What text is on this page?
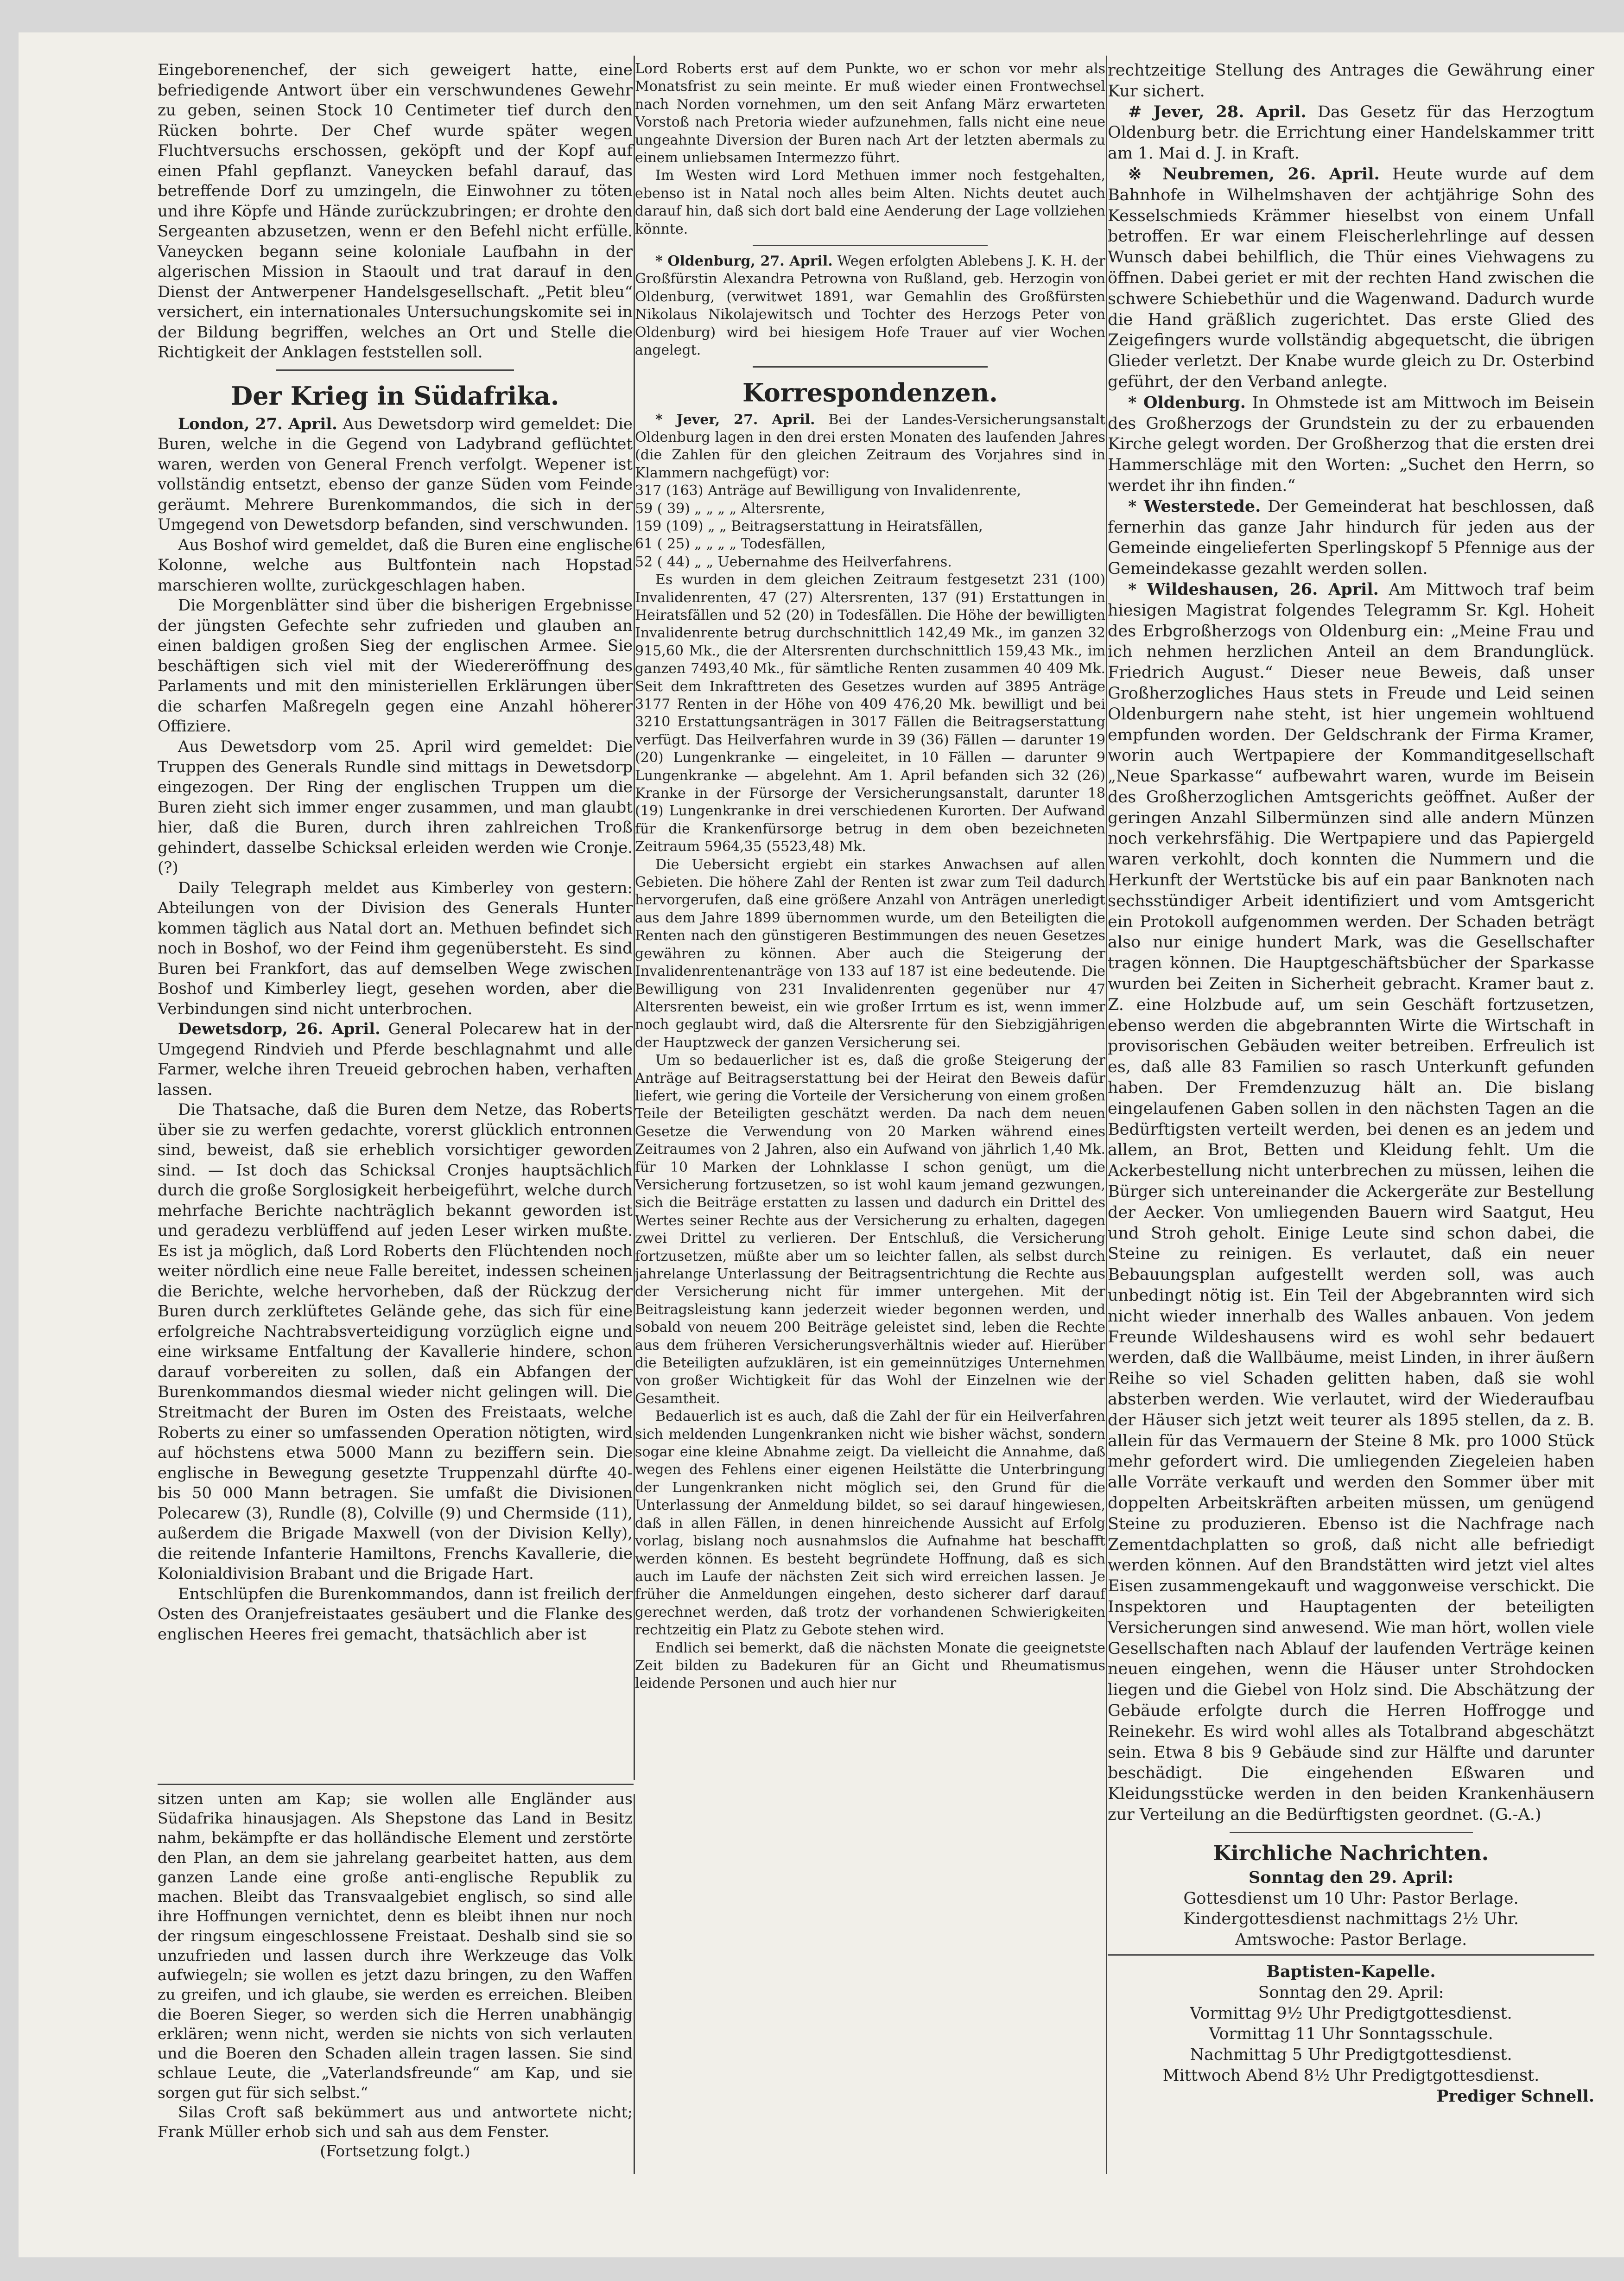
Eingeborenenchef, der sich geweigert hatte, eine befriedigende Antwort über ein verschwundenes Gewehr zu geben, seinen Stock 10 Centimeter tief durch den Rücken bohrte. Der Chef wurde später wegen Fluchtversuchs erschossen, geköpft und der Kopf auf einen Pfahl gepflanzt. Vaneycken befahl darauf, das betreffende Dorf zu umzingeln, die Einwohner zu töten und ihre Köpfe und Hände zurückzubringen; er drohte den Sergeanten abzusetzen, wenn er den Befehl nicht erfülle. Vaneycken begann seine koloniale Laufbahn in der algerischen Mission in Staoult und trat darauf in den Dienst der Antwerpener Handelsgesellschaft. „Petit bleu“ versichert, ein internationales Untersuchungskomite sei in der Bildung begriffen, welches an Ort und Stelle die Richtigkeit der Anklagen feststellen soll.

Der Krieg in Südafrika.

London, 27. April. Aus Dewetsdorp wird gemeldet: Die Buren, welche in die Gegend von Ladybrand geflüchtet waren, werden von General French verfolgt. Wepener ist vollständig entsetzt, ebenso der ganze Süden vom Feinde geräumt. Mehrere Burenkommandos, die sich in der Umgegend von Dewetsdorp befanden, sind verschwunden.

Aus Boshof wird gemeldet, daß die Buren eine englische Kolonne, welche aus Bultfontein nach Hopstad marschieren wollte, zurückgeschlagen haben.

Die Morgenblätter sind über die bisherigen Ergebnisse der jüngsten Gefechte sehr zufrieden und glauben an einen baldigen großen Sieg der englischen Armee. Sie beschäftigen sich viel mit der Wiedereröffnung des Parlaments und mit den ministeriellen Erklärungen über die scharfen Maßregeln gegen eine Anzahl höherer Offiziere.

Aus Dewetsdorp vom 25. April wird gemeldet: Die Truppen des Generals Rundle sind mittags in Dewetsdorp eingezogen. Der Ring der englischen Truppen um die Buren zieht sich immer enger zusammen, und man glaubt hier, daß die Buren, durch ihren zahlreichen Troß gehindert, dasselbe Schicksal erleiden werden wie Cronje. (?)

Daily Telegraph meldet aus Kimberley von gestern: Abteilungen von der Division des Generals Hunter kommen täglich aus Natal dort an. Methuen befindet sich noch in Boshof, wo der Feind ihm gegenübersteht. Es sind Buren bei Frankfort, das auf demselben Wege zwischen Boshof und Kimberley liegt, gesehen worden, aber die Verbindungen sind nicht unterbrochen.

Dewetsdorp, 26. April. General Polecarew hat in der Umgegend Rindvieh und Pferde beschlagnahmt und alle Farmer, welche ihren Treueid gebrochen haben, verhaften lassen.

Die Thatsache, daß die Buren dem Netze, das Roberts über sie zu werfen gedachte, vorerst glücklich entronnen sind, beweist, daß sie erheblich vorsichtiger geworden sind. — Ist doch das Schicksal Cronjes hauptsächlich durch die große Sorglosigkeit herbeigeführt, welche durch mehrfache Berichte nachträglich bekannt geworden ist und geradezu verblüffend auf jeden Leser wirken mußte. Es ist ja möglich, daß Lord Roberts den Flüchtenden noch weiter nördlich eine neue Falle bereitet, indessen scheinen die Berichte, welche hervorheben, daß der Rückzug der Buren durch zerklüftetes Gelände gehe, das sich für eine erfolgreiche Nachtrabsverteidigung vorzüglich eigne und eine wirksame Entfaltung der Kavallerie hindere, schon darauf vorbereiten zu sollen, daß ein Abfangen der Burenkommandos diesmal wieder nicht gelingen will. Die Streitmacht der Buren im Osten des Freistaats, welche Roberts zu einer so umfassenden Operation nötigten, wird auf höchstens etwa 5000 Mann zu beziffern sein. Die englische in Bewegung gesetzte Truppenzahl dürfte 40- bis 50 000 Mann betragen. Sie umfaßt die Divisionen Polecarew (3), Rundle (8), Colville (9) und Chermside (11), außerdem die Brigade Maxwell (von der Division Kelly), die reitende Infanterie Hamiltons, Frenchs Kavallerie, die Kolonialdivision Brabant und die Brigade Hart.

Entschlüpfen die Burenkommandos, dann ist freilich der Osten des Oranjefreistaates gesäubert und die Flanke des englischen Heeres frei gemacht, thatsächlich aber ist

Lord Roberts erst auf dem Punkte, wo er schon vor mehr als Monatsfrist zu sein meinte. Er muß wieder einen Frontwechsel nach Norden vornehmen, um den seit Anfang März erwarteten Vorstoß nach Pretoria wieder aufzunehmen, falls nicht eine neue ungeahnte Diversion der Buren nach Art der letzten abermals zu einem unliebsamen Intermezzo führt.

Im Westen wird Lord Methuen immer noch festgehalten, ebenso ist in Natal noch alles beim Alten. Nichts deutet auch darauf hin, daß sich dort bald eine Aenderung der Lage vollziehen könnte.

* Oldenburg, 27. April. Wegen erfolgten Ablebens J. K. H. der Großfürstin Alexandra Petrowna von Rußland, geb. Herzogin von Oldenburg, (verwitwet 1891, war Gemahlin des Großfürsten Nikolaus Nikolajewitsch und Tochter des Herzogs Peter von Oldenburg) wird bei hiesigem Hofe Trauer auf vier Wochen angelegt.

Korrespondenzen.

* Jever, 27. April. Bei der Landes-Versicherungsanstalt Oldenburg lagen in den drei ersten Monaten des laufenden Jahres (die Zahlen für den gleichen Zeitraum des Vorjahres sind in Klammern nachgefügt) vor:

317 (163) Anträge auf Bewilligung von Invalidenrente,
59 ( 39) „ „ „ „ Altersrente,
159 (109) „ „ Beitragserstattung in Heiratsfällen,
61 ( 25) „ „ „ „ Todesfällen,
52 ( 44) „ „ Uebernahme des Heilverfahrens.

Es wurden in dem gleichen Zeitraum festgesetzt 231 (100) Invalidenrenten, 47 (27) Altersrenten, 137 (91) Erstattungen in Heiratsfällen und 52 (20) in Todesfällen. Die Höhe der bewilligten Invalidenrente betrug durchschnittlich 142,49 Mk., im ganzen 32 915,60 Mk., die der Altersrenten durchschnittlich 159,43 Mk., im ganzen 7493,40 Mk., für sämtliche Renten zusammen 40 409 Mk. Seit dem Inkrafttreten des Gesetzes wurden auf 3895 Anträge 3177 Renten in der Höhe von 409 476,20 Mk. bewilligt und bei 3210 Erstattungsanträgen in 3017 Fällen die Beitragserstattung verfügt. Das Heilverfahren wurde in 39 (36) Fällen — darunter 19 (20) Lungenkranke — eingeleitet, in 10 Fällen — darunter 9 Lungenkranke — abgelehnt. Am 1. April befanden sich 32 (26) Kranke in der Fürsorge der Versicherungsanstalt, darunter 18 (19) Lungenkranke in drei verschiedenen Kurorten. Der Aufwand für die Krankenfürsorge betrug in dem oben bezeichneten Zeitraum 5964,35 (5523,48) Mk.

Die Uebersicht ergiebt ein starkes Anwachsen auf allen Gebieten. Die höhere Zahl der Renten ist zwar zum Teil dadurch hervorgerufen, daß eine größere Anzahl von Anträgen unerledigt aus dem Jahre 1899 übernommen wurde, um den Beteiligten die Renten nach den günstigeren Bestimmungen des neuen Gesetzes gewähren zu können. Aber auch die Steigerung der Invalidenrentenanträge von 133 auf 187 ist eine bedeutende. Die Bewilligung von 231 Invalidenrenten gegenüber nur 47 Altersrenten beweist, ein wie großer Irrtum es ist, wenn immer noch geglaubt wird, daß die Altersrente für den Siebzigjährigen der Hauptzweck der ganzen Versicherung sei.

Um so bedauerlicher ist es, daß die große Steigerung der Anträge auf Beitragserstattung bei der Heirat den Beweis dafür liefert, wie gering die Vorteile der Versicherung von einem großen Teile der Beteiligten geschätzt werden. Da nach dem neuen Gesetze die Verwendung von 20 Marken während eines Zeitraumes von 2 Jahren, also ein Aufwand von jährlich 1,40 Mk. für 10 Marken der Lohnklasse I schon genügt, um die Versicherung fortzusetzen, so ist wohl kaum jemand gezwungen, sich die Beiträge erstatten zu lassen und dadurch ein Drittel des Wertes seiner Rechte aus der Versicherung zu erhalten, dagegen zwei Drittel zu verlieren. Der Entschluß, die Versicherung fortzusetzen, müßte aber um so leichter fallen, als selbst durch jahrelange Unterlassung der Beitragsentrichtung die Rechte aus der Versicherung nicht für immer untergehen. Mit der Beitragsleistung kann jederzeit wieder begonnen werden, und sobald von neuem 200 Beiträge geleistet sind, leben die Rechte aus dem früheren Versicherungsverhältnis wieder auf. Hierüber die Beteiligten aufzuklären, ist ein gemeinnütziges Unternehmen von großer Wichtigkeit für das Wohl der Einzelnen wie der Gesamtheit.

Bedauerlich ist es auch, daß die Zahl der für ein Heilverfahren sich meldenden Lungenkranken nicht wie bisher wächst, sondern sogar eine kleine Abnahme zeigt. Da vielleicht die Annahme, daß wegen des Fehlens einer eigenen Heilstätte die Unterbringung der Lungenkranken nicht möglich sei, den Grund für die Unterlassung der Anmeldung bildet, so sei darauf hingewiesen, daß in allen Fällen, in denen hinreichende Aussicht auf Erfolg vorlag, bislang noch ausnahmslos die Aufnahme hat beschafft werden können. Es besteht begründete Hoffnung, daß es sich auch im Laufe der nächsten Zeit sich wird erreichen lassen. Je früher die Anmeldungen eingehen, desto sicherer darf darauf gerechnet werden, daß trotz der vorhandenen Schwierigkeiten rechtzeitig ein Platz zu Gebote stehen wird.

Endlich sei bemerkt, daß die nächsten Monate die geeignetste Zeit bilden zu Badekuren für an Gicht und Rheumatismus leidende Personen und auch hier nur

rechtzeitige Stellung des Antrages die Gewährung einer Kur sichert.

# Jever, 28. April. Das Gesetz für das Herzogtum Oldenburg betr. die Errichtung einer Handelskammer tritt am 1. Mai d. J. in Kraft.

※ Neubremen, 26. April. Heute wurde auf dem Bahnhofe in Wilhelmshaven der achtjährige Sohn des Kesselschmieds Krämmer hieselbst von einem Unfall betroffen. Er war einem Fleischerlehrlinge auf dessen Wunsch dabei behilflich, die Thür eines Viehwagens zu öffnen. Dabei geriet er mit der rechten Hand zwischen die schwere Schiebethür und die Wagenwand. Dadurch wurde die Hand gräßlich zugerichtet. Das erste Glied des Zeigefingers wurde vollständig abgequetscht, die übrigen Glieder verletzt. Der Knabe wurde gleich zu Dr. Osterbind geführt, der den Verband anlegte.

* Oldenburg. In Ohmstede ist am Mittwoch im Beisein des Großherzogs der Grundstein zu der zu erbauenden Kirche gelegt worden. Der Großherzog that die ersten drei Hammerschläge mit den Worten: „Suchet den Herrn, so werdet ihr ihn finden.“

* Westerstede. Der Gemeinderat hat beschlossen, daß fernerhin das ganze Jahr hindurch für jeden aus der Gemeinde eingelieferten Sperlingskopf 5 Pfennige aus der Gemeindekasse gezahlt werden sollen.

* Wildeshausen, 26. April. Am Mittwoch traf beim hiesigen Magistrat folgendes Telegramm Sr. Kgl. Hoheit des Erbgroßherzogs von Oldenburg ein: „Meine Frau und ich nehmen herzlichen Anteil an dem Brandunglück. Friedrich August.“ Dieser neue Beweis, daß unser Großherzogliches Haus stets in Freude und Leid seinen Oldenburgern nahe steht, ist hier ungemein wohltuend empfunden worden. Der Geldschrank der Firma Kramer, worin auch Wertpapiere der Kommanditgesellschaft „Neue Sparkasse“ aufbewahrt waren, wurde im Beisein des Großherzoglichen Amtsgerichts geöffnet. Außer der geringen Anzahl Silbermünzen sind alle andern Münzen noch verkehrsfähig. Die Wertpapiere und das Papiergeld waren verkohlt, doch konnten die Nummern und die Herkunft der Wertstücke bis auf ein paar Banknoten nach sechsstündiger Arbeit identifiziert und vom Amtsgericht ein Protokoll aufgenommen werden. Der Schaden beträgt also nur einige hundert Mark, was die Gesellschafter tragen können. Die Hauptgeschäftsbücher der Sparkasse wurden bei Zeiten in Sicherheit gebracht. Kramer baut z. Z. eine Holzbude auf, um sein Geschäft fortzusetzen, ebenso werden die abgebrannten Wirte die Wirtschaft in provisorischen Gebäuden weiter betreiben. Erfreulich ist es, daß alle 83 Familien so rasch Unterkunft gefunden haben. Der Fremdenzuzug hält an. Die bislang eingelaufenen Gaben sollen in den nächsten Tagen an die Bedürftigsten verteilt werden, bei denen es an jedem und allem, an Brot, Betten und Kleidung fehlt. Um die Ackerbestellung nicht unterbrechen zu müssen, leihen die Bürger sich untereinander die Ackergeräte zur Bestellung der Aecker. Von umliegenden Bauern wird Saatgut, Heu und Stroh geholt. Einige Leute sind schon dabei, die Steine zu reinigen. Es verlautet, daß ein neuer Bebauungsplan aufgestellt werden soll, was auch unbedingt nötig ist. Ein Teil der Abgebrannten wird sich nicht wieder innerhalb des Walles anbauen. Von jedem Freunde Wildeshausens wird es wohl sehr bedauert werden, daß die Wallbäume, meist Linden, in ihrer äußern Reihe so viel Schaden gelitten haben, daß sie wohl absterben werden. Wie verlautet, wird der Wiederaufbau der Häuser sich jetzt weit teurer als 1895 stellen, da z. B. allein für das Vermauern der Steine 8 Mk. pro 1000 Stück mehr gefordert wird. Die umliegenden Ziegeleien haben alle Vorräte verkauft und werden den Sommer über mit doppelten Arbeitskräften arbeiten müssen, um genügend Steine zu produzieren. Ebenso ist die Nachfrage nach Zementdachplatten so groß, daß nicht alle befriedigt werden können. Auf den Brandstätten wird jetzt viel altes Eisen zusammengekauft und waggonweise verschickt. Die Inspektoren und Hauptagenten der beteiligten Versicherungen sind anwesend. Wie man hört, wollen viele Gesellschaften nach Ablauf der laufenden Verträge keinen neuen eingehen, wenn die Häuser unter Strohdocken liegen und die Giebel von Holz sind. Die Abschätzung der Gebäude erfolgte durch die Herren Hoffrogge und Reinekehr. Es wird wohl alles als Totalbrand abgeschätzt sein. Etwa 8 bis 9 Gebäude sind zur Hälfte und darunter beschädigt. Die eingehenden Eßwaren und Kleidungsstücke werden in den beiden Krankenhäusern zur Verteilung an die Bedürftigsten geordnet. (G.-A.)

Kirchliche Nachrichten.

Sonntag den 29. April:

Gottesdienst um 10 Uhr: Pastor Berlage.

Kindergottesdienst nachmittags 2½ Uhr.

Amtswoche: Pastor Berlage.

Baptisten-Kapelle.

Sonntag den 29. April:

Vormittag 9½ Uhr Predigtgottesdienst.

Vormittag 11 Uhr Sonntagsschule.

Nachmittag 5 Uhr Predigtgottesdienst.

Mittwoch Abend 8½ Uhr Predigtgottesdienst.

Prediger Schnell.

sitzen unten am Kap; sie wollen alle Engländer aus Südafrika hinausjagen. Als Shepstone das Land in Besitz nahm, bekämpfte er das holländische Element und zerstörte den Plan, an dem sie jahrelang gearbeitet hatten, aus dem ganzen Lande eine große anti-englische Republik zu machen. Bleibt das Transvaalgebiet englisch, so sind alle ihre Hoffnungen vernichtet, denn es bleibt ihnen nur noch der ringsum eingeschlossene Freistaat. Deshalb sind sie so unzufrieden und lassen durch ihre Werkzeuge das Volk aufwiegeln; sie wollen es jetzt dazu bringen, zu den Waffen zu greifen, und ich glaube, sie werden es erreichen. Bleiben die Boeren Sieger, so werden sich die Herren unabhängig erklären; wenn nicht, werden sie nichts von sich verlauten und die Boeren den Schaden allein tragen lassen. Sie sind schlaue Leute, die „Vaterlandsfreunde“ am Kap, und sie sorgen gut für sich selbst.“

Silas Croft saß bekümmert aus und antwortete nicht; Frank Müller erhob sich und sah aus dem Fenster.

(Fortsetzung folgt.)
